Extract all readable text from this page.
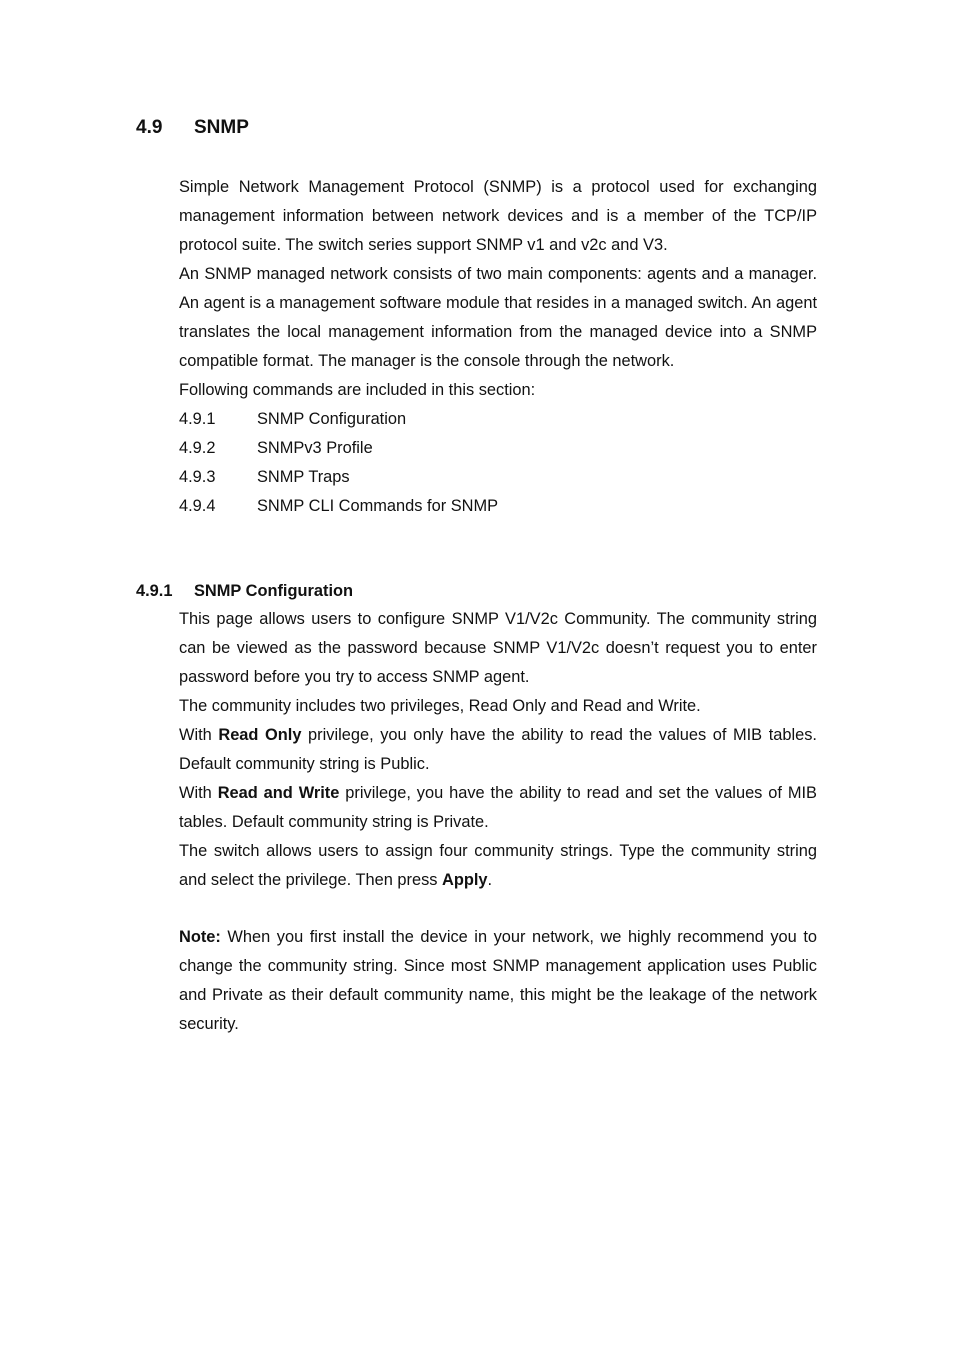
4.9	SNMP

Simple Network Management Protocol (SNMP) is a protocol used for exchanging management information between network devices and is a member of the TCP/IP protocol suite. The switch series support SNMP v1 and v2c and V3.

An SNMP managed network consists of two main components: agents and a manager. An agent is a management software module that resides in a managed switch. An agent translates the local management information from the managed device into a SNMP compatible format. The manager is the console through the network.

Following commands are included in this section:

4.9.1	SNMP Configuration
4.9.2	SNMPv3 Profile
4.9.3	SNMP Traps
4.9.4	SNMP CLI Commands for SNMP
4.9.1	SNMP Configuration

This page allows users to configure SNMP V1/V2c Community. The community string can be viewed as the password because SNMP V1/V2c doesn’t request you to enter password before you try to access SNMP agent.

The community includes two privileges, Read Only and Read and Write.

With Read Only privilege, you only have the ability to read the values of MIB tables. Default community string is Public.

With Read and Write privilege, you have the ability to read and set the values of MIB tables. Default community string is Private.

The switch allows users to assign four community strings. Type the community string and select the privilege. Then press Apply.

Note: When you first install the device in your network, we highly recommend you to change the community string. Since most SNMP management application uses Public and Private as their default community name, this might be the leakage of the network security.
